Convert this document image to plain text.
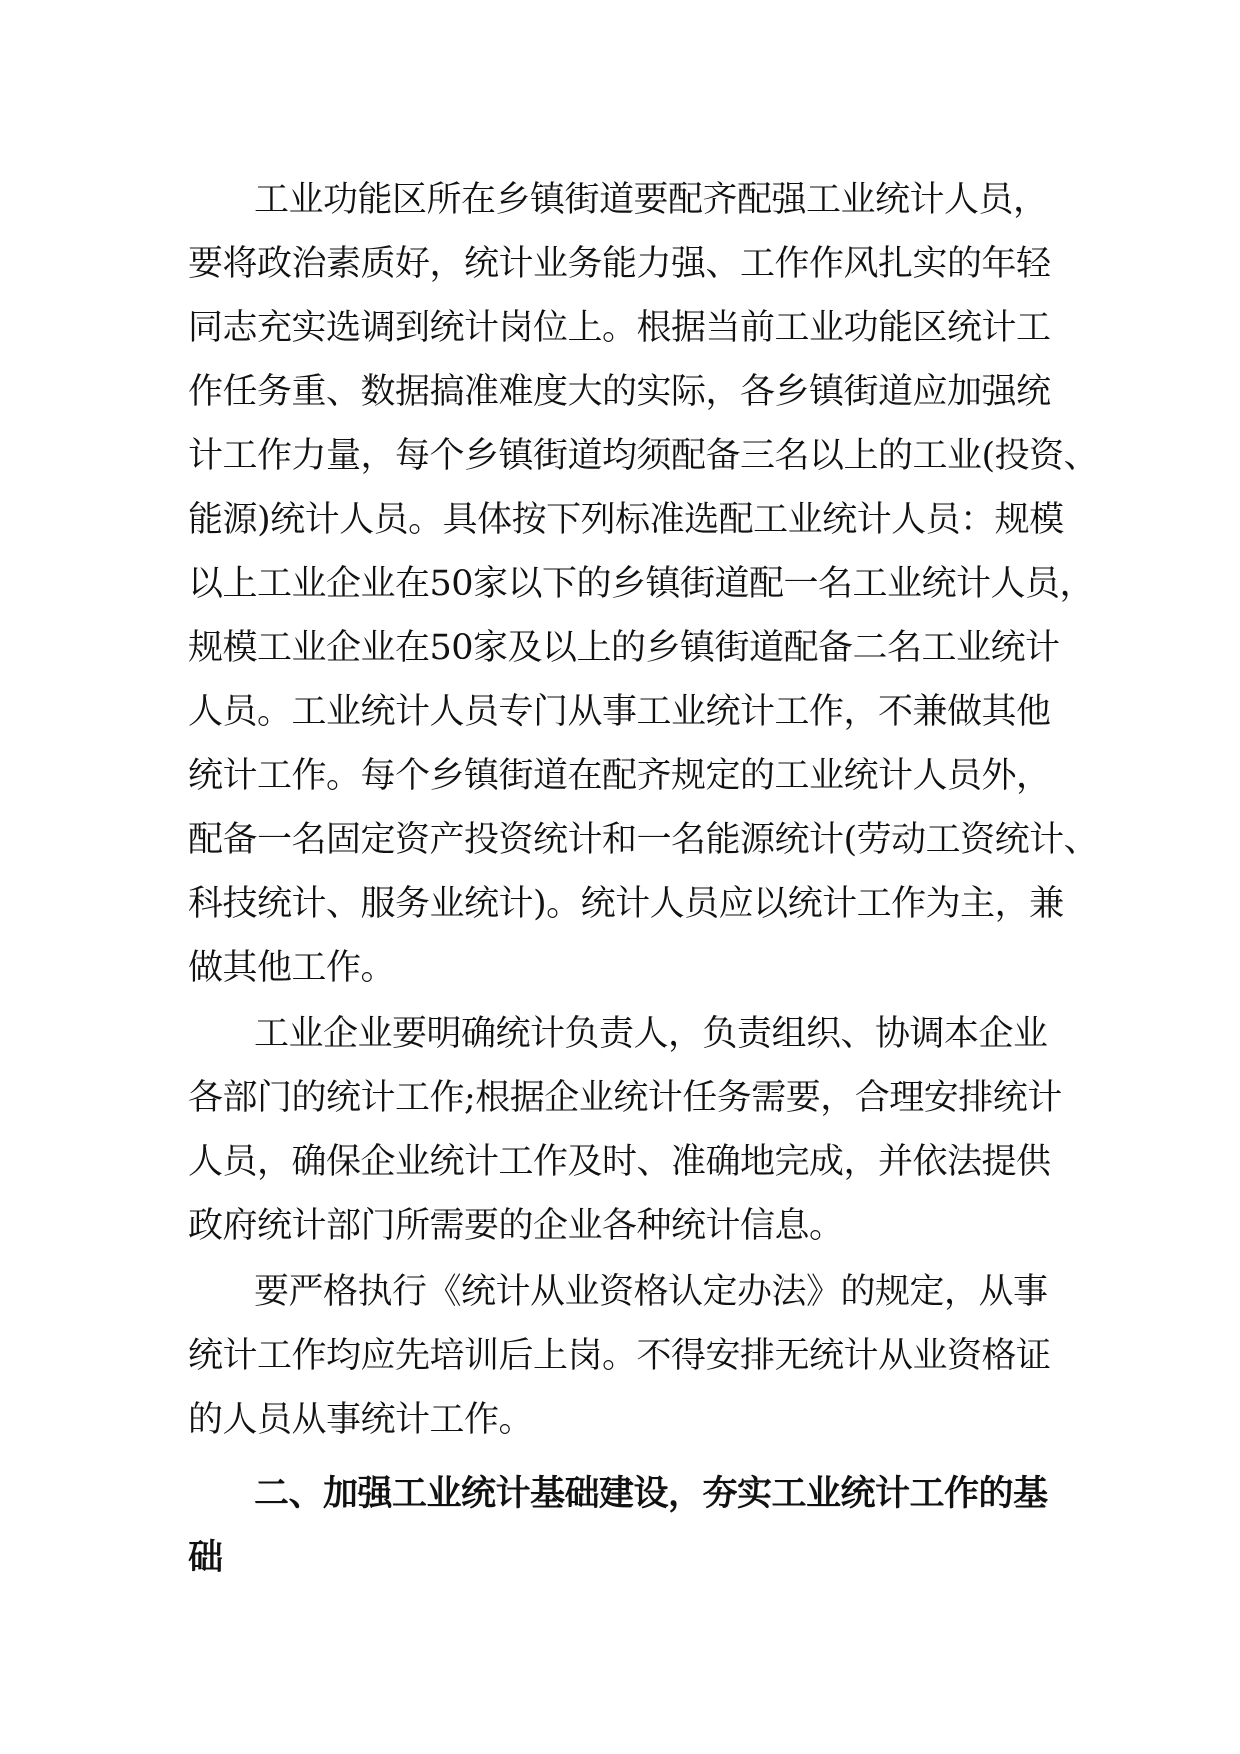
工业功能区所在乡镇街道要配齐配强工业统计人员，
要将政治素质好，统计业务能力强、工作作风扎实的年轻
同志充实选调到统计岗位上。根据当前工业功能区统计工
作任务重、数据搞准难度大的实际，各乡镇街道应加强统
计工作力量，每个乡镇街道均须配备三名以上的工业(投资、
能源)统计人员。具体按下列标准选配工业统计人员：规模
以上工业企业在50家以下的乡镇街道配一名工业统计人员，
规模工业企业在50家及以上的乡镇街道配备二名工业统计
人员。工业统计人员专门从事工业统计工作，不兼做其他
统计工作。每个乡镇街道在配齐规定的工业统计人员外，
配备一名固定资产投资统计和一名能源统计(劳动工资统计、
科技统计、服务业统计)。统计人员应以统计工作为主，兼
做其他工作。
工业企业要明确统计负责人，负责组织、协调本企业
各部门的统计工作;根据企业统计任务需要，合理安排统计
人员，确保企业统计工作及时、准确地完成，并依法提供
政府统计部门所需要的企业各种统计信息。
要严格执行《统计从业资格认定办法》的规定，从事
统计工作均应先培训后上岗。不得安排无统计从业资格证
的人员从事统计工作。
二、加强工业统计基础建设，夯实工业统计工作的基
础
